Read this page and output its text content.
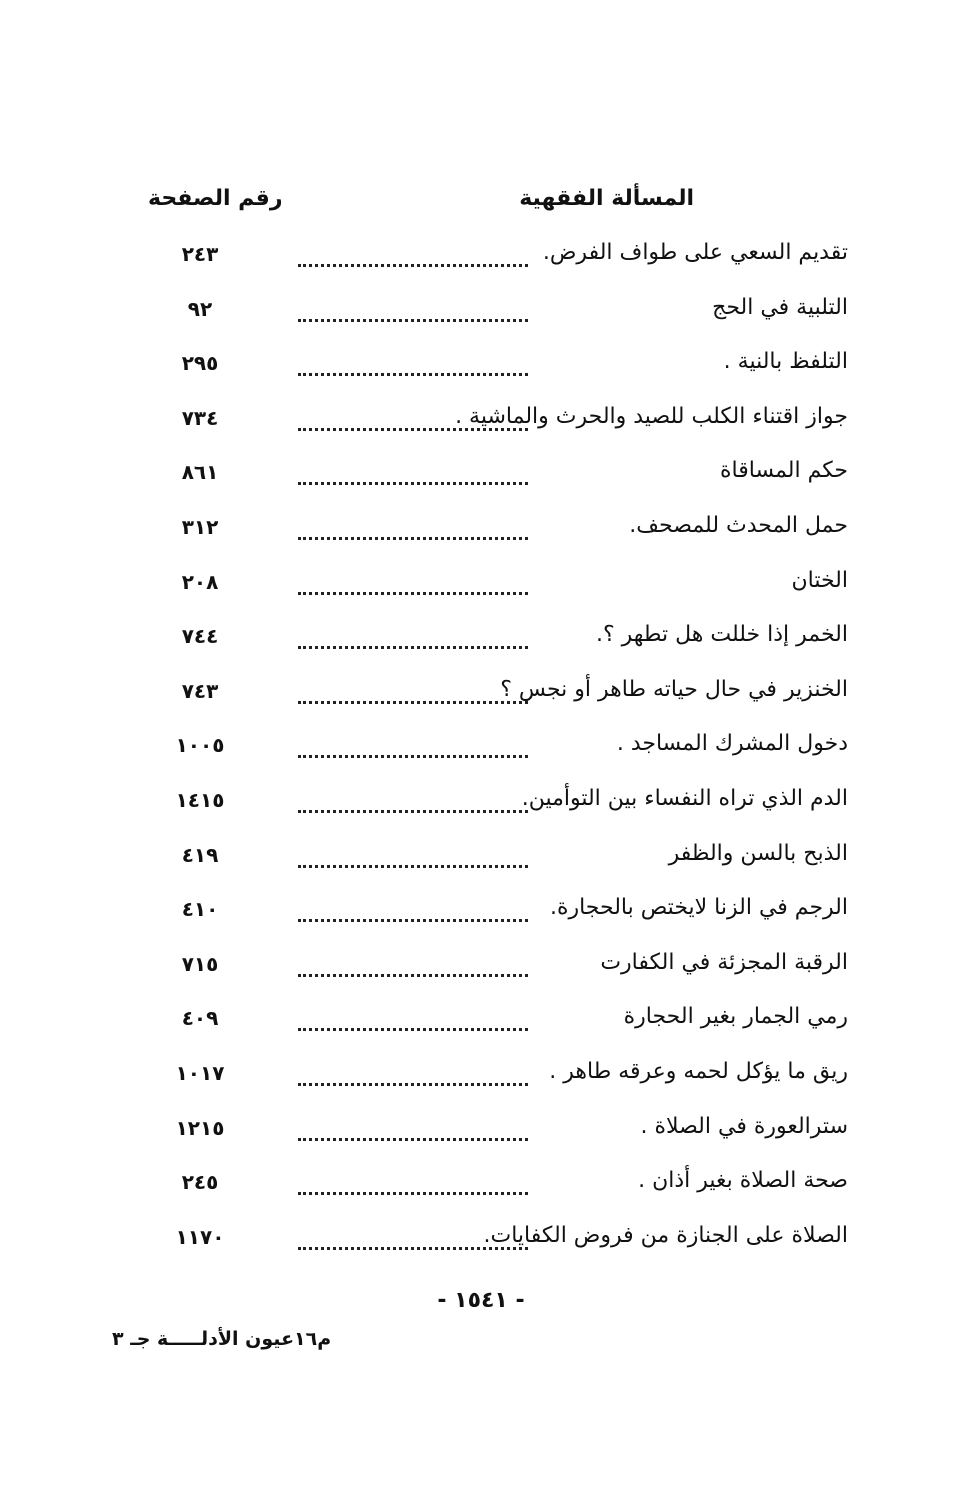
المسألة الفقهية
رقم الصفحة
تقديم السعي على طواف الفرض.
٢٤٣
التلبية في الحج
٩٢
التلفظ بالنية .
٢٩٥
جواز اقتناء الكلب للصيد والحرث والماشية .
٧٣٤
حكم المساقاة
٨٦١
حمل المحدث للمصحف.
٣١٢
الختان
٢٠٨
الخمر إذا خللت هل تطهر ؟.
٧٤٤
الخنزير في حال حياته طاهر أو نجس ؟
٧٤٣
دخول المشرك المساجد .
١٠٠٥
الدم الذي تراه النفساء بين التوأمين.
١٤١٥
الذبح بالسن والظفر
٤١٩
الرجم في الزنا لايختص بالحجارة.
٤١٠
الرقبة المجزئة في الكفارت
٧١٥
رمي الجمار بغير الحجارة
٤٠٩
ريق ما يؤكل لحمه وعرقه طاهر .
١٠١٧
سترالعورة في الصلاة .
١٢١٥
صحة الصلاة بغير أذان .
٢٤٥
الصلاة على الجنازة من فروض الكفايات.
١١٧٠
- ١٥٤١ -
م١٦عيون الأدلـــــة جـ ٣
